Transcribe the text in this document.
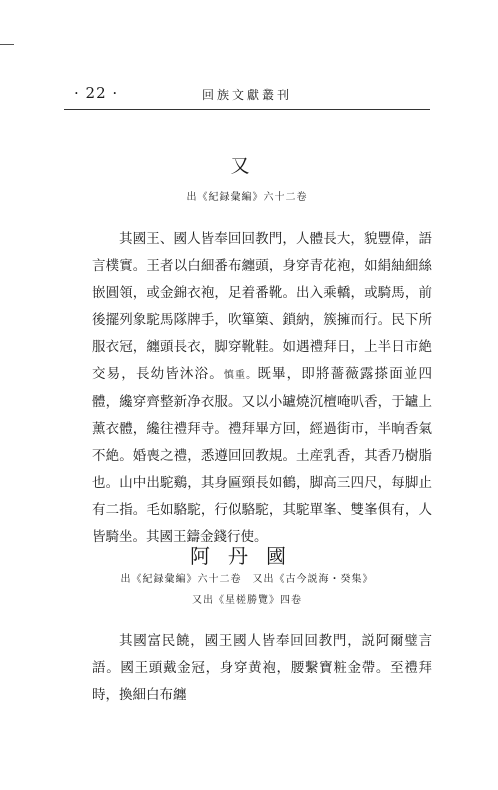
· 22 ·	回族文獻叢刊
又
出《紀録彙編》六十二卷

其國王、國人皆奉回回教門，人體長大，貌豐偉，語言樸實。王者以白細番布纏頭，身穿青花袍，如絹紬細絲嵌圓領，或金錦衣袍，足着番靴。出入乘轎，或騎馬，前後擺列象駝馬隊牌手，吹篳篥、鎖納，簇擁而行。民下所服衣冠，纏頭長衣，脚穿靴鞋。如遇禮拜日，上半日市絶交易，長幼皆沐浴。慎重。既畢，即將薔薇露搽面並四體，纔穿齊整新净衣服。又以小罏燒沉檀唵叭香，于罏上薰衣體，纔往禮拜寺。禮拜畢方回，經過街市，半晌香氣不絶。婚喪之禮，悉遵回回教規。土産乳香，其香乃樹脂也。山中出駝鷄，其身匾頸長如鶴，脚高三四尺，每脚止有二指。毛如駱駝，行似駱駝，其駝單峯、雙峯俱有，人皆騎坐。其國王鑄金錢行使。

阿丹國
出《紀録彙編》六十二卷　又出《古今説海・癸集》
又出《星槎勝覽》四卷

其國富民饒，國王國人皆奉回回教門，説阿爾璧言語。國王頭戴金冠，身穿黄袍，腰繫寶粧金帶。至禮拜時，換細白布纏
